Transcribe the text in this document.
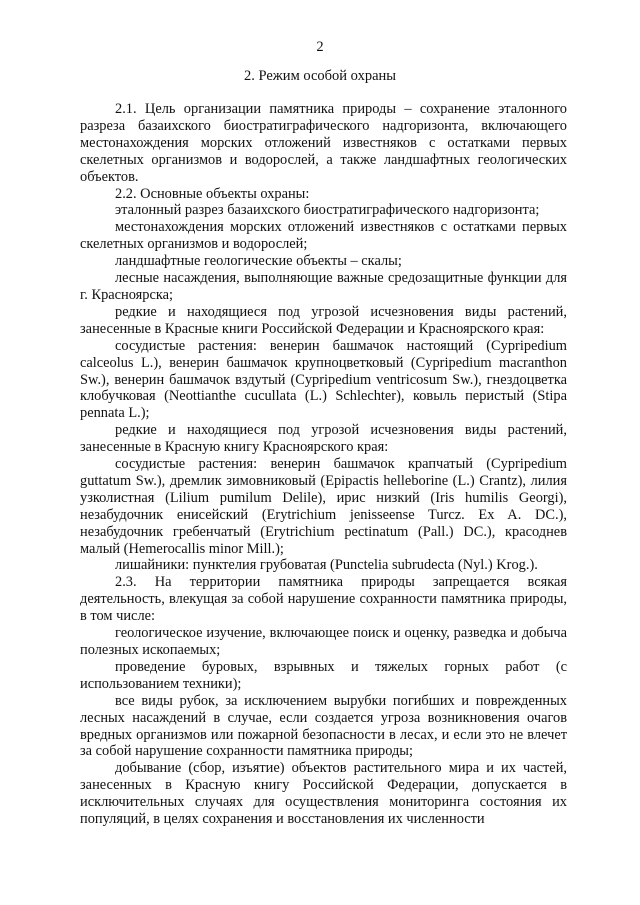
2
2. Режим особой охраны

2.1. Цель организации памятника природы – сохранение эталонного разреза базаихского биостратиграфического надгоризонта, включающего местонахождения морских отложений известняков с остатками первых скелетных организмов и водорослей, а также ландшафтных геологических объектов.

2.2. Основные объекты охраны:

эталонный разрез базаихского биостратиграфического надгоризонта;

местонахождения морских отложений известняков с остатками первых скелетных организмов и водорослей;

ландшафтные геологические объекты – скалы;

лесные насаждения, выполняющие важные средозащитные функции для г. Красноярска;

редкие и находящиеся под угрозой исчезновения виды растений, занесенные в Красные книги Российской Федерации и Красноярского края:

сосудистые растения: венерин башмачок настоящий (Cypripedium calceolus L.), венерин башмачок крупноцветковый (Cypripedium macranthon Sw.), венерин башмачок вздутый (Cypripedium ventricosum Sw.), гнездоцветка клобучковая (Neottianthe cucullata (L.) Schlechter), ковыль перистый (Stipa pennata L.);

редкие и находящиеся под угрозой исчезновения виды растений, занесенные в Красную книгу Красноярского края:

сосудистые растения: венерин башмачок крапчатый (Cypripedium guttatum Sw.), дремлик зимовниковый (Epipactis helleborine (L.) Crantz), лилия узколистная (Lilium pumilum Delile), ирис низкий (Iris humilis Georgi), незабудочник енисейский (Erytrichium jenisseense Turcz. Ex A. DC.), незабудочник гребенчатый (Erytrichium pectinatum (Pall.) DC.), красоднев малый (Hemerocallis minor Mill.);

лишайники: пунктелия грубоватая (Punctelia subrudecta (Nyl.) Krog.).

2.3. На территории памятника природы запрещается всякая деятельность, влекущая за собой нарушение сохранности памятника природы, в том числе:

геологическое изучение, включающее поиск и оценку, разведка и добыча полезных ископаемых;

проведение буровых, взрывных и тяжелых горных работ (с использованием техники);

все виды рубок, за исключением вырубки погибших и поврежденных лесных насаждений в случае, если создается угроза возникновения очагов вредных организмов или пожарной безопасности в лесах, и если это не влечет за собой нарушение сохранности памятника природы;

добывание (сбор, изъятие) объектов растительного мира и их частей, занесенных в Красную книгу Российской Федерации, допускается в исключительных случаях для осуществления мониторинга состояния их популяций, в целях сохранения и восстановления их численности
